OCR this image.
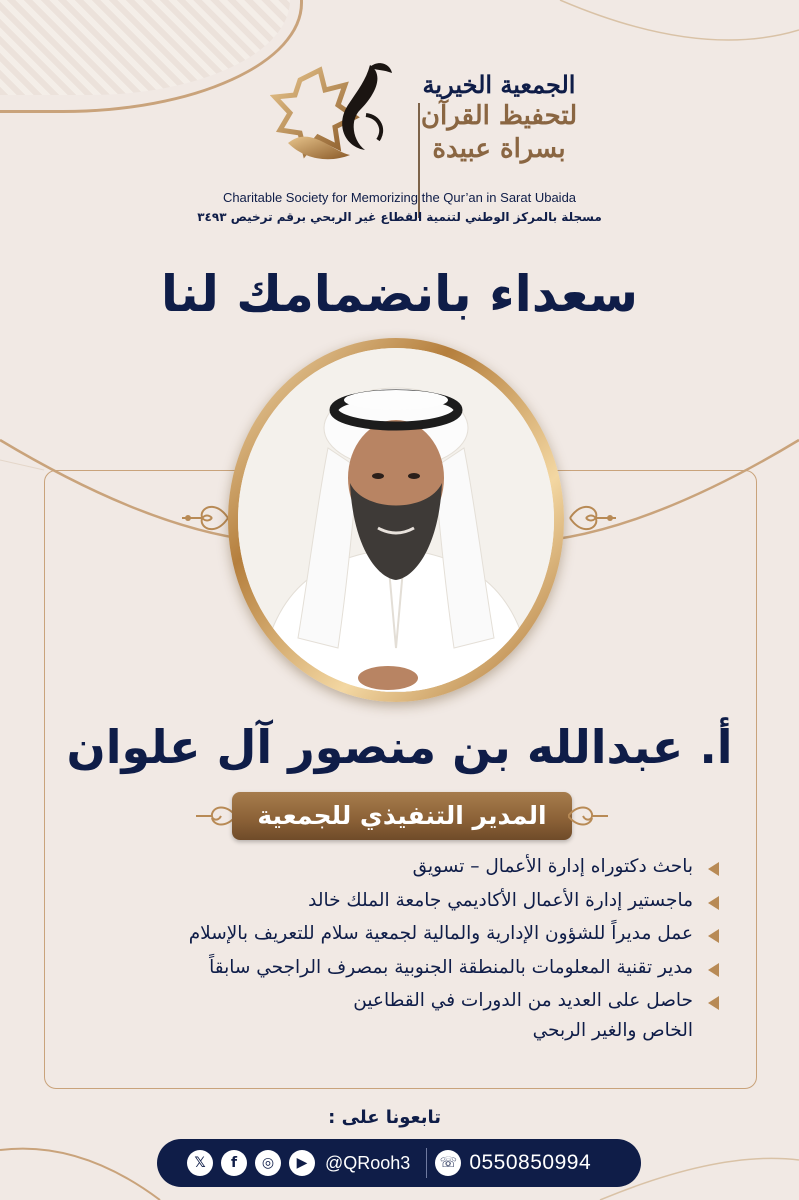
الجمعية الخيرية
لتحفيظ القرآن
بسراة عبيدة
Charitable Society for Memorizing the Qur’an in Sarat Ubaida
مسجلة بالمركز الوطني لتنمية القطاع غير الربحي برقم ترخيص ٣٤٩٣
سعداء بانضمامك لنا
أ. عبدالله بن منصور آل علوان
المدير التنفيذي للجمعية
باحث دكتوراه إدارة الأعمال – تسويق
ماجستير إدارة الأعمال الأكاديمي جامعة الملك خالد
عمل مديراً للشؤون الإدارية والمالية لجمعية سلام للتعريف بالإسلام
مدير تقنية المعلومات بالمنطقة الجنوبية بمصرف الراجحي سابقاً
حاصل على العديد من الدورات في القطاعين
الخاص والغير الربحي
تابعونا على :
𝕏	f	◎	▶ @QRooh3	☏ 0550850994
